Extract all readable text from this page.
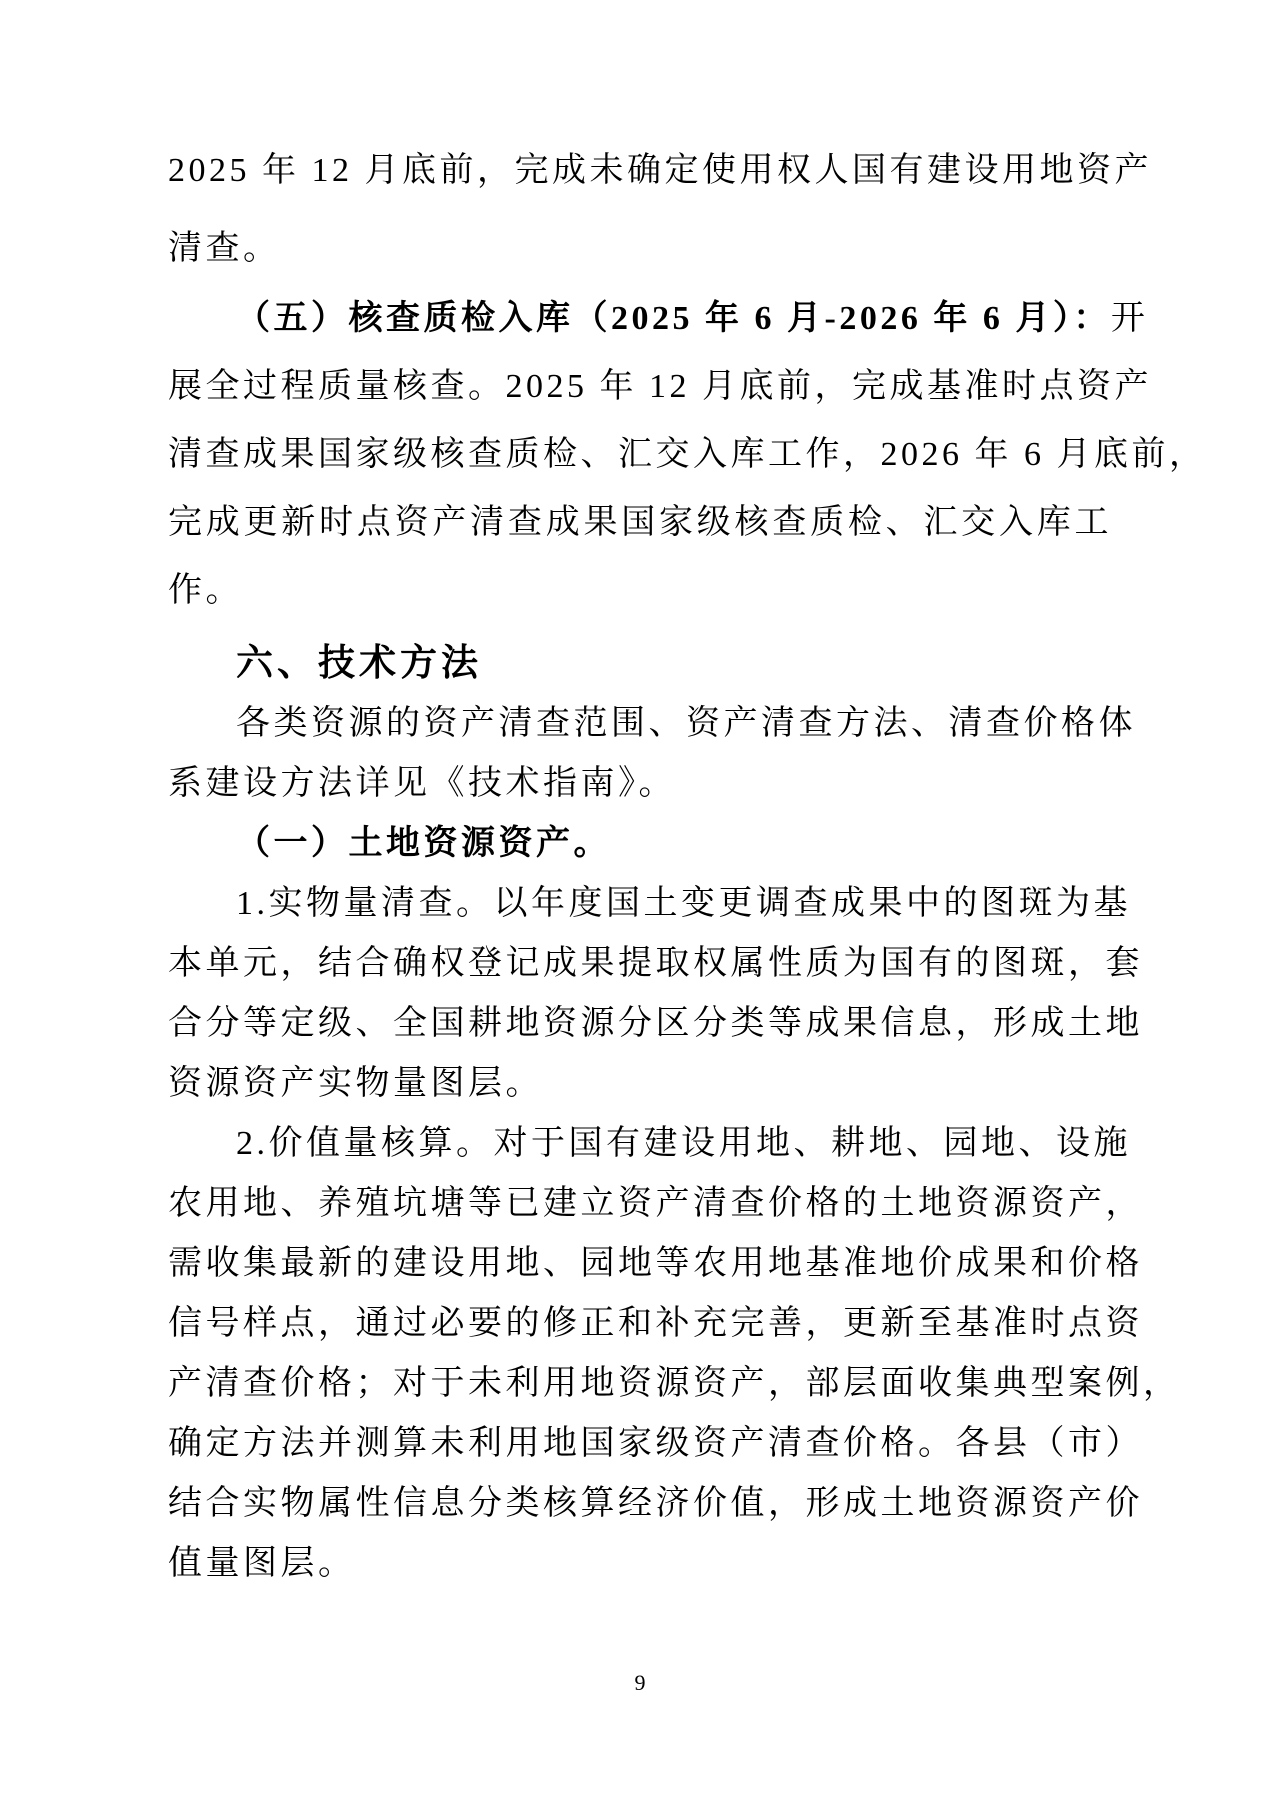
2025 年 12 月底前，完成未确定使用权人国有建设用地资产
清查。
（五）核查质检入库（2025 年 6 月-2026 年 6 月）：开
展全过程质量核查。2025 年 12 月底前，完成基准时点资产
清查成果国家级核查质检、汇交入库工作，2026 年 6 月底前，
完成更新时点资产清查成果国家级核查质检、汇交入库工
作。
六、技术方法
各类资源的资产清查范围、资产清查方法、清查价格体
系建设方法详见《技术指南》。
（一）土地资源资产。
1.实物量清查。以年度国土变更调查成果中的图斑为基
本单元，结合确权登记成果提取权属性质为国有的图斑，套
合分等定级、全国耕地资源分区分类等成果信息，形成土地
资源资产实物量图层。
2.价值量核算。对于国有建设用地、耕地、园地、设施
农用地、养殖坑塘等已建立资产清查价格的土地资源资产，
需收集最新的建设用地、园地等农用地基准地价成果和价格
信号样点，通过必要的修正和补充完善，更新至基准时点资
产清查价格；对于未利用地资源资产，部层面收集典型案例，
确定方法并测算未利用地国家级资产清查价格。各县（市）
结合实物属性信息分类核算经济价值，形成土地资源资产价
值量图层。
9
